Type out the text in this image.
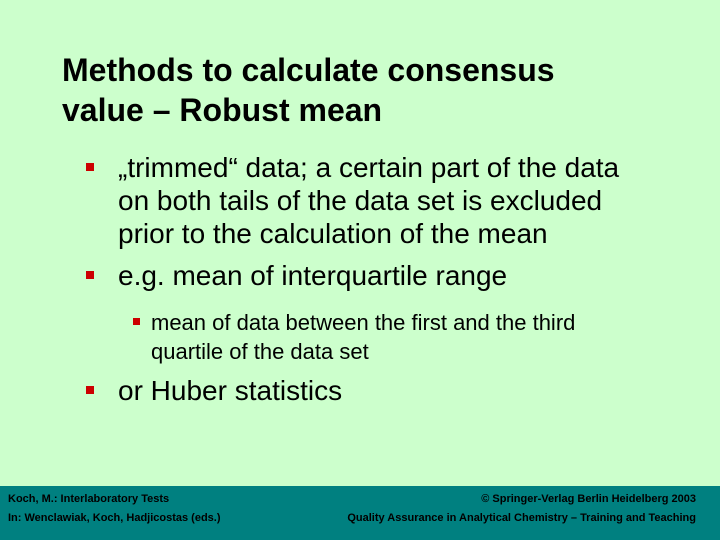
Methods to calculate consensus
value – Robust mean
„trimmed“ data; a certain part of the data
on both tails of the data set is excluded
prior to the calculation of the mean
e.g. mean of interquartile range
mean of data between the first and the third
quartile of the data set
or Huber statistics
Koch, M.: Interlaboratory Tests
In: Wenclawiak, Koch, Hadjicostas (eds.)
© Springer-Verlag Berlin Heidelberg 2003
Quality Assurance in Analytical Chemistry – Training and Teaching
